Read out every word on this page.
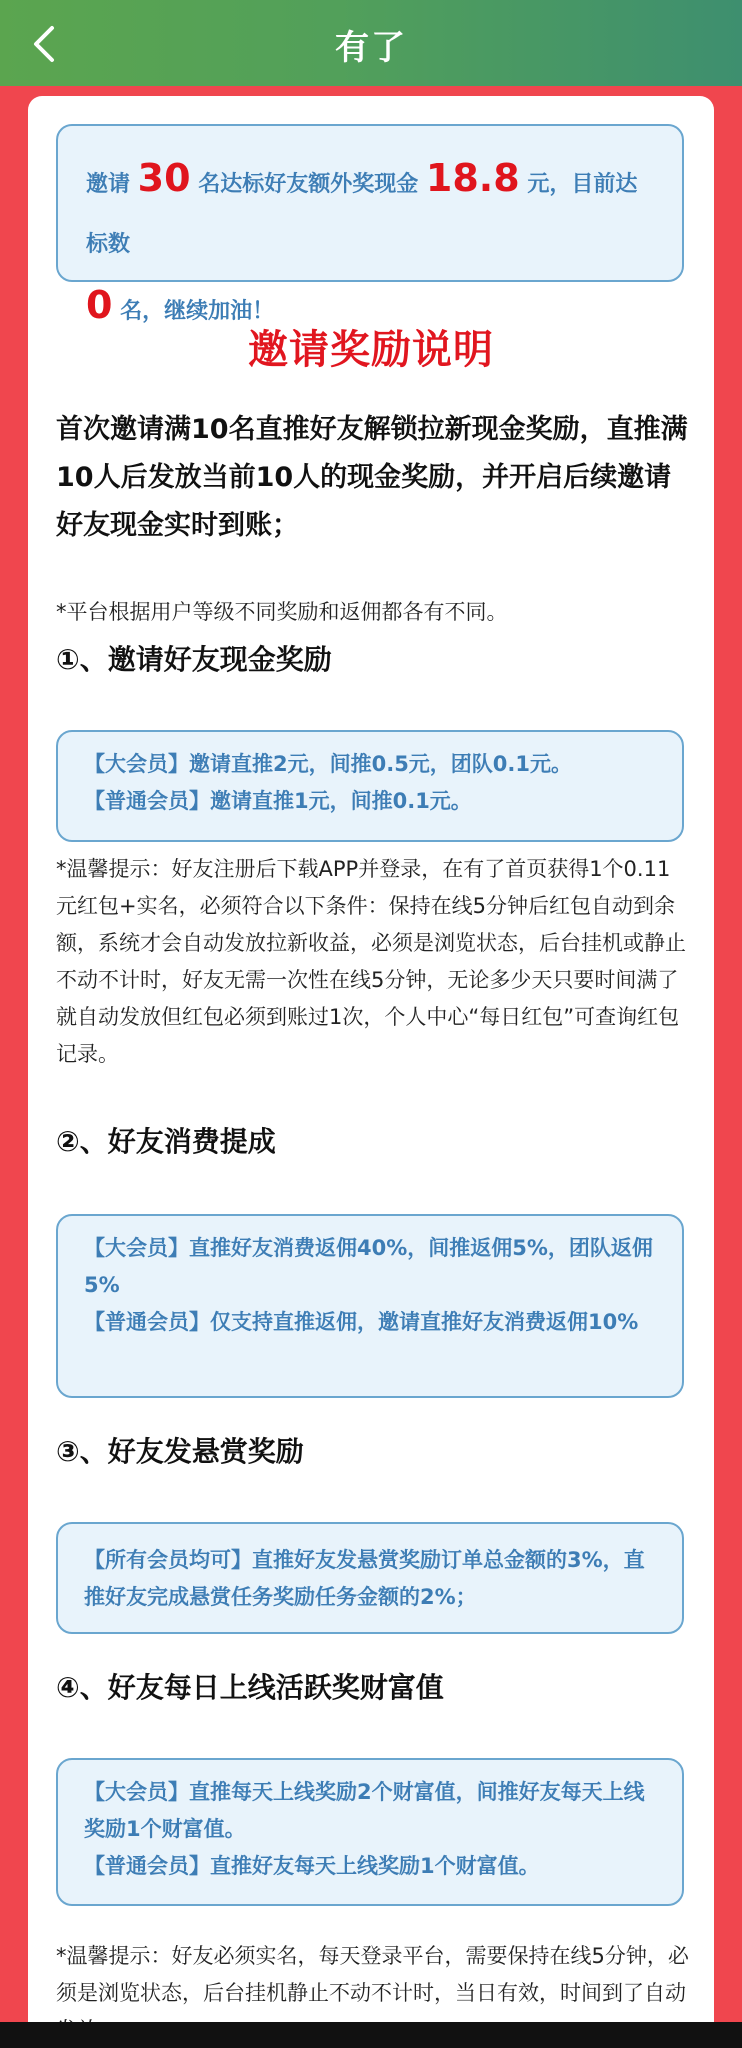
有了
邀请 30 名达标好友额外奖现金 18.8 元，目前达标数
0 名，继续加油！
邀请奖励说明
首次邀请满10名直推好友解锁拉新现金奖励，直推满10人后发放当前10人的现金奖励，并开启后续邀请好友现金实时到账；
*平台根据用户等级不同奖励和返佣都各有不同。
①、邀请好友现金奖励

【大会员】邀请直推2元，间推0.5元，团队0.1元。

【普通会员】邀请直推1元，间推0.1元。

*温馨提示：好友注册后下载APP并登录，在有了首页获得1个0.11元红包+实名，必须符合以下条件：保持在线5分钟后红包自动到余额，系统才会自动发放拉新收益，必须是浏览状态，后台挂机或静止不动不计时，好友无需一次性在线5分钟，无论多少天只要时间满了就自动发放但红包必须到账过1次，个人中心“每日红包”可查询红包记录。
②、好友消费提成

【大会员】直推好友消费返佣40%，间推返佣5%，团队返佣5%

【普通会员】仅支持直推返佣，邀请直推好友消费返佣10%

③、好友发悬赏奖励

【所有会员均可】直推好友发悬赏奖励订单总金额的3%，直推好友完成悬赏任务奖励任务金额的2%；

④、好友每日上线活跃奖财富值

【大会员】直推每天上线奖励2个财富值，间推好友每天上线奖励1个财富值。

【普通会员】直推好友每天上线奖励1个财富值。

*温馨提示：好友必须实名，每天登录平台，需要保持在线5分钟，必须是浏览状态，后台挂机静止不动不计时，当日有效，时间到了自动
